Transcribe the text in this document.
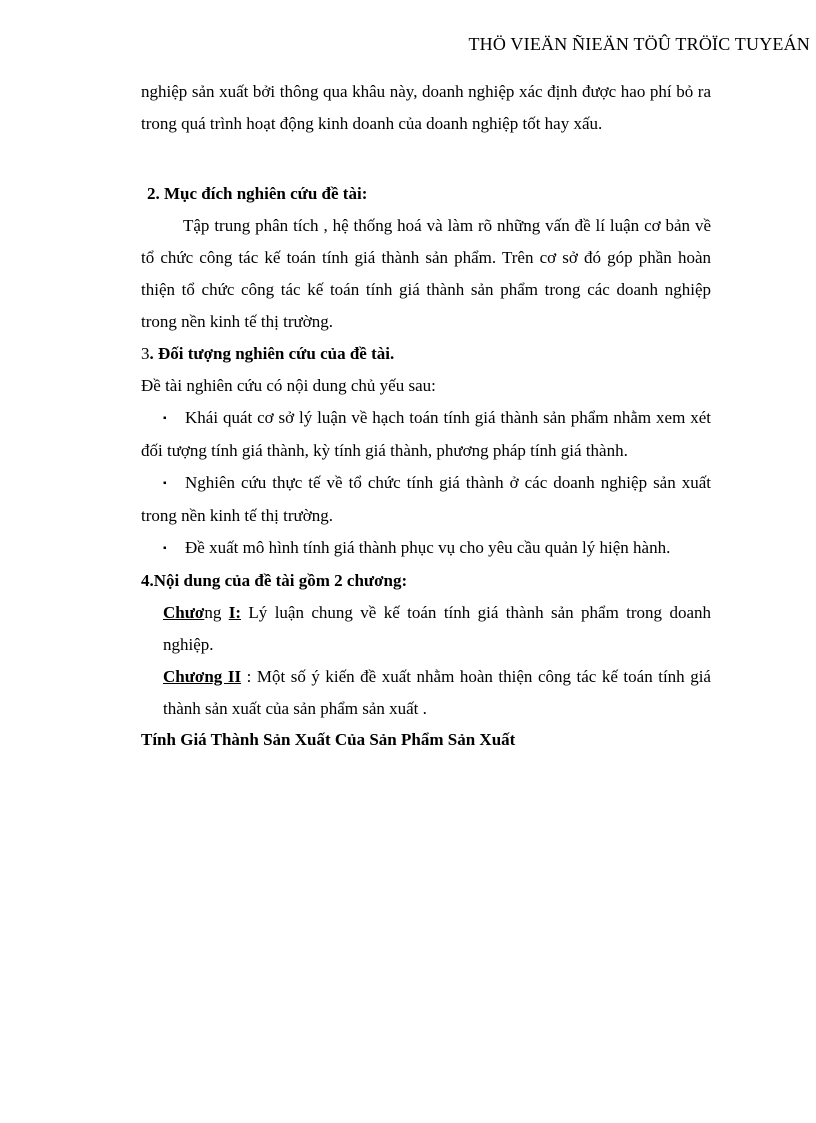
THÖ VIEÄN ÑIEÄN TÖÛ TRÖÏC TUYEÁN

nghiệp sản xuất bởi thông qua khâu này, doanh nghiệp xác định được hao phí bỏ ra trong quá trình hoạt động kinh doanh của doanh nghiệp tốt hay xấu.

2. Mục đích nghiên cứu đề tài:

Tập trung phân tích , hệ thống hoá và làm rõ những vấn đề lí luận cơ bản về tổ chức công tác kế toán tính giá thành sản phẩm. Trên cơ sở đó góp phần hoàn thiện tổ chức công tác kế toán tính giá thành sản phẩm trong các doanh nghiệp trong nền kinh tế thị trường.

3. Đối tượng nghiên cứu của đề tài.

Đề tài nghiên cứu có nội dung chủ yếu sau:

▪ Khái quát cơ sở lý luận về hạch toán tính giá thành sản phẩm nhằm xem xét đối tượng tính giá thành, kỳ tính giá thành, phương pháp tính giá thành.

▪ Nghiên cứu thực tế về tổ chức tính giá thành ở các doanh nghiệp sản xuất trong nền kinh tế thị trường.

▪ Đề xuất mô hình tính giá thành phục vụ cho yêu cầu quản lý hiện hành.

4.Nội dung của đề tài gồm 2 chương:

Chương I: Lý luận chung về kế toán tính giá thành sản phẩm trong doanh nghiệp.

Chương II : Một số ý kiến đề xuất nhằm hoàn thiện công tác kế toán tính giá thành sản xuất của sản phẩm sản xuất .

Tính Giá Thành Sản Xuất Của Sản Phẩm Sản Xuất
